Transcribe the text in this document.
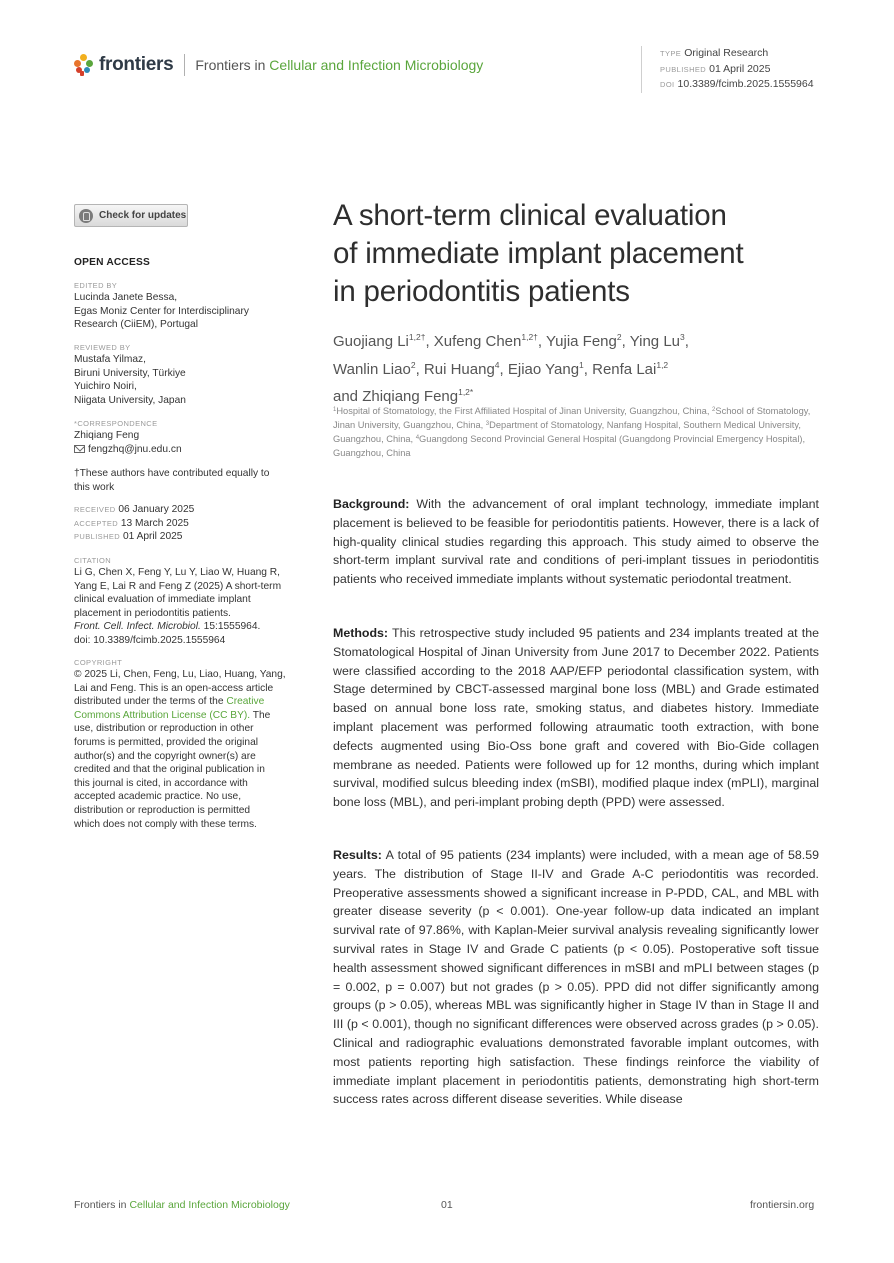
frontiers Frontiers in Cellular and Infection Microbiology
TYPE Original Research
PUBLISHED 01 April 2025
DOI 10.3389/fcimb.2025.1555964
Check for updates
OPEN ACCESS
EDITED BY
Lucinda Janete Bessa,
Egas Moniz Center for Interdisciplinary
Research (CiiEM), Portugal
REVIEWED BY
Mustafa Yilmaz,
Biruni University, Türkiye
Yuichiro Noiri,
Niigata University, Japan
*CORRESPONDENCE
Zhiqiang Feng
fengzhq@jnu.edu.cn
†These authors have contributed equally to
this work
RECEIVED 06 January 2025
ACCEPTED 13 March 2025
PUBLISHED 01 April 2025
CITATION
Li G, Chen X, Feng Y, Lu Y, Liao W, Huang R,
Yang E, Lai R and Feng Z (2025) A short-term
clinical evaluation of immediate implant
placement in periodontitis patients.
Front. Cell. Infect. Microbiol. 15:1555964.
doi: 10.3389/fcimb.2025.1555964
COPYRIGHT
© 2025 Li, Chen, Feng, Lu, Liao, Huang, Yang,
Lai and Feng. This is an open-access article
distributed under the terms of the Creative
Commons Attribution License (CC BY). The
use, distribution or reproduction in other
forums is permitted, provided the original
author(s) and the copyright owner(s) are
credited and that the original publication in
this journal is cited, in accordance with
accepted academic practice. No use,
distribution or reproduction is permitted
which does not comply with these terms.
A short-term clinical evaluation
of immediate implant placement
in periodontitis patients
Guojiang $Li^{1,2\dagger}$, Xufeng Chen$^{1,2\dagger}$, Yujia Feng$^2$, Ying Lu$^3$,
Wanlin Liao$^2$, Rui Huang$^4$, Ejiao Yang$^1$, Renfa Lai$^{1,2}$
and Zhiqiang Feng$^{1,2*}$
$^1$Hospital of Stomatology, the First Affiliated Hospital of Jinan University, Guangzhou, China, $^2$School of Stomatology, Jinan University, Guangzhou, China, $^3$Department of Stomatology, Nanfang Hospital, Southern Medical University, Guangzhou, China, $^4$Guangdong Second Provincial General Hospital (Guangdong Provincial Emergency Hospital), Guangzhou, China

Background: With the advancement of oral implant technology, immediate implant placement is believed to be feasible for periodontitis patients. However, there is a lack of high-quality clinical studies regarding this approach. This study aimed to observe the short-term implant survival rate and conditions of peri-implant tissues in periodontitis patients who received immediate implants without systematic periodontal treatment.

Methods: This retrospective study included 95 patients and 234 implants treated at the Stomatological Hospital of Jinan University from June 2017 to December 2022. Patients were classified according to the 2018 AAP/EFP periodontal classification system, with Stage determined by CBCT-assessed marginal bone loss (MBL) and Grade estimated based on annual bone loss rate, smoking status, and diabetes history. Immediate implant placement was performed following atraumatic tooth extraction, with bone defects augmented using Bio-Oss bone graft and covered with Bio-Gide collagen membrane as needed. Patients were followed up for 12 months, during which implant survival, modified sulcus bleeding index (mSBI), modified plaque index (mPLI), marginal bone loss (MBL), and peri-implant probing depth (PPD) were assessed.

Results: A total of 95 patients (234 implants) were included, with a mean age of 58.59 years. The distribution of Stage II-IV and Grade A-C periodontitis was recorded. Preoperative assessments showed a significant increase in P-PDD, CAL, and MBL with greater disease severity (p < 0.001). One-year follow-up data indicated an implant survival rate of 97.86%, with Kaplan-Meier survival analysis revealing significantly lower survival rates in Stage IV and Grade C patients (p < 0.05). Postoperative soft tissue health assessment showed significant differences in mSBI and mPLI between stages (p = 0.002, p = 0.007) but not grades (p > 0.05). PPD did not differ significantly among groups (p > 0.05), whereas MBL was significantly higher in Stage IV than in Stage II and III (p < 0.001), though no significant differences were observed across grades (p > 0.05). Clinical and radiographic evaluations demonstrated favorable implant outcomes, with most patients reporting high satisfaction. These findings reinforce the viability of immediate implant placement in periodontitis patients, demonstrating high short-term success rates across different disease severities. While disease

Frontiers in Cellular and Infection Microbiology	01	frontiersin.org
